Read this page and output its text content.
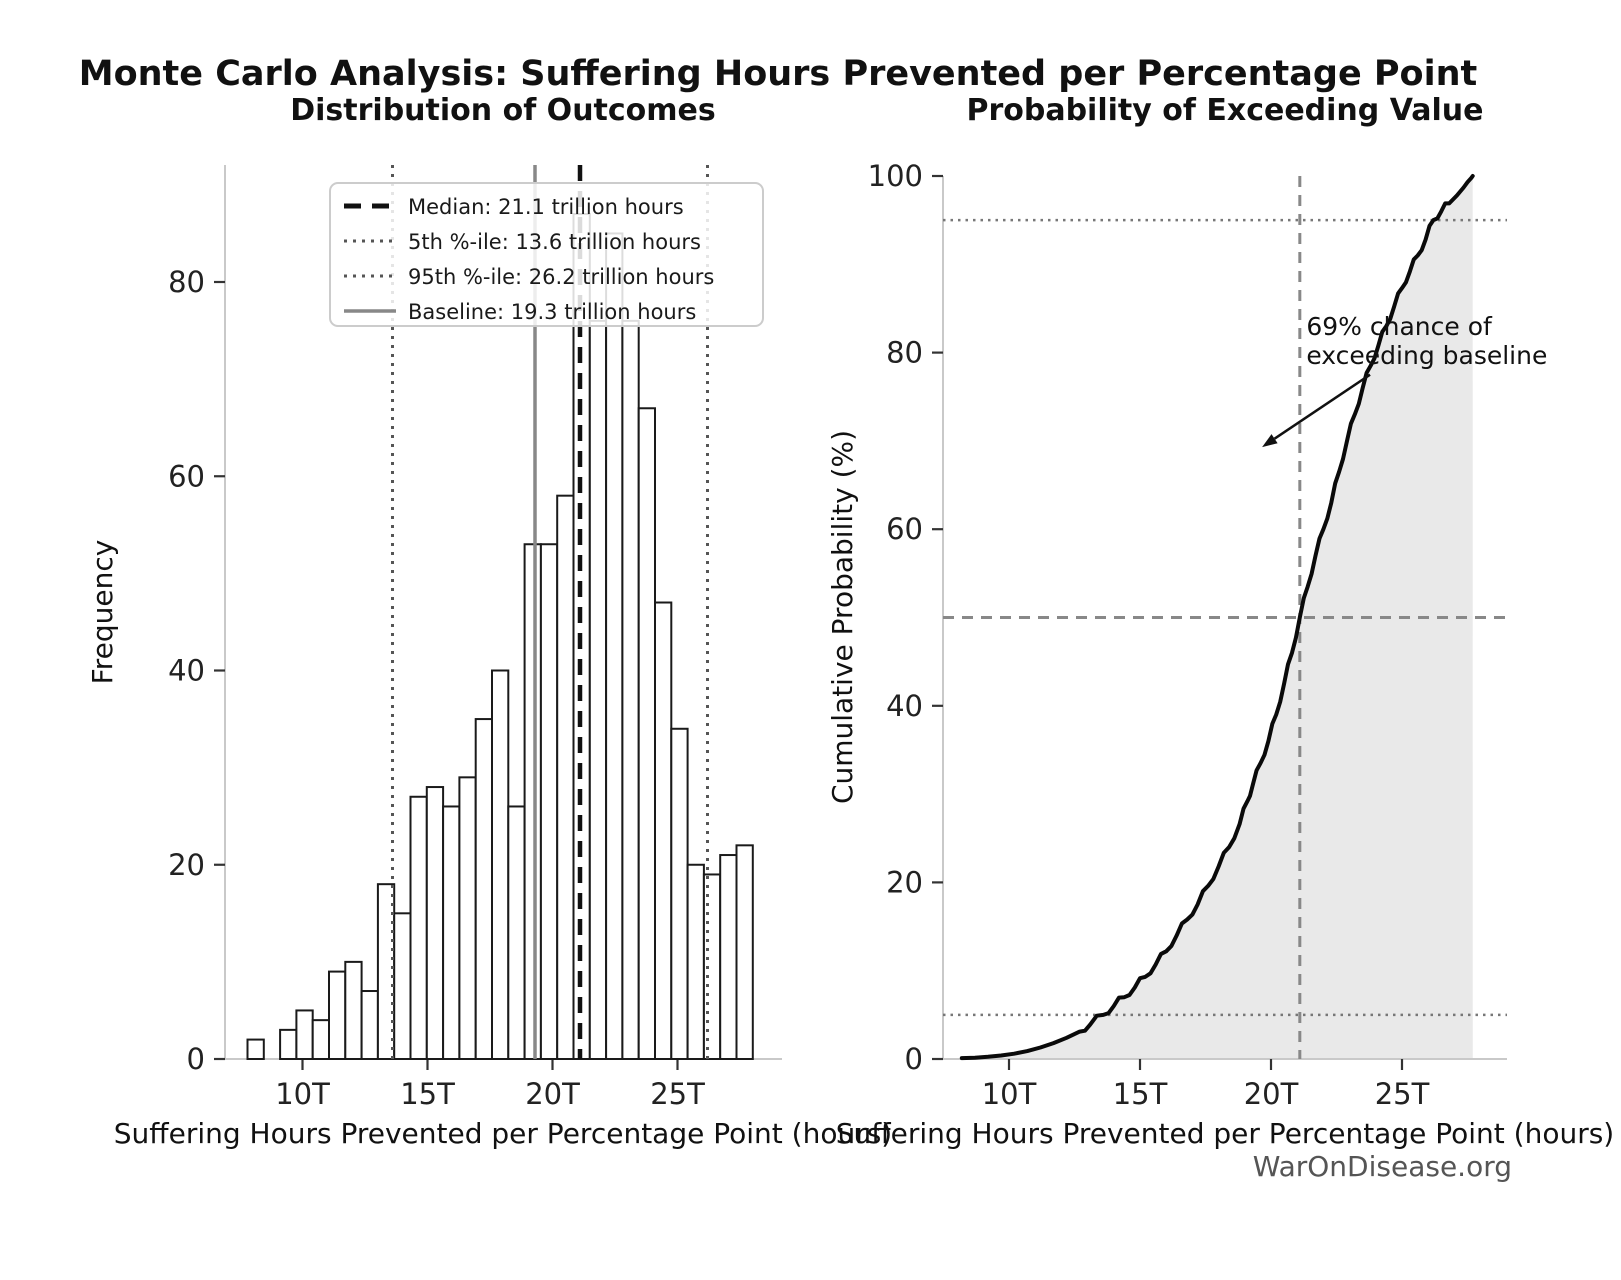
Monte Carlo Analysis: Suffering Hours Prevented per Percentage Point
Distribution of Outcomes	Probability of Exceeding Value
10T 15T 20T 25T
0
20
40
60
80
Median: 21.1 trillion hours
5th %-ile: 13.6 trillion hours
95th %-ile: 26.2 trillion hours
Baseline: 19.3 trillion hours
10T	15T	20T	25T
0
20
40
60
80
100
69% chance of
exceeding baseline
Suffering Hours Prevented per Percentage Point (hours)
Suffering Hours Prevented per Percentage Point (hours)
Frequency	Cumulative Probability (%)
WarOnDisease.org
